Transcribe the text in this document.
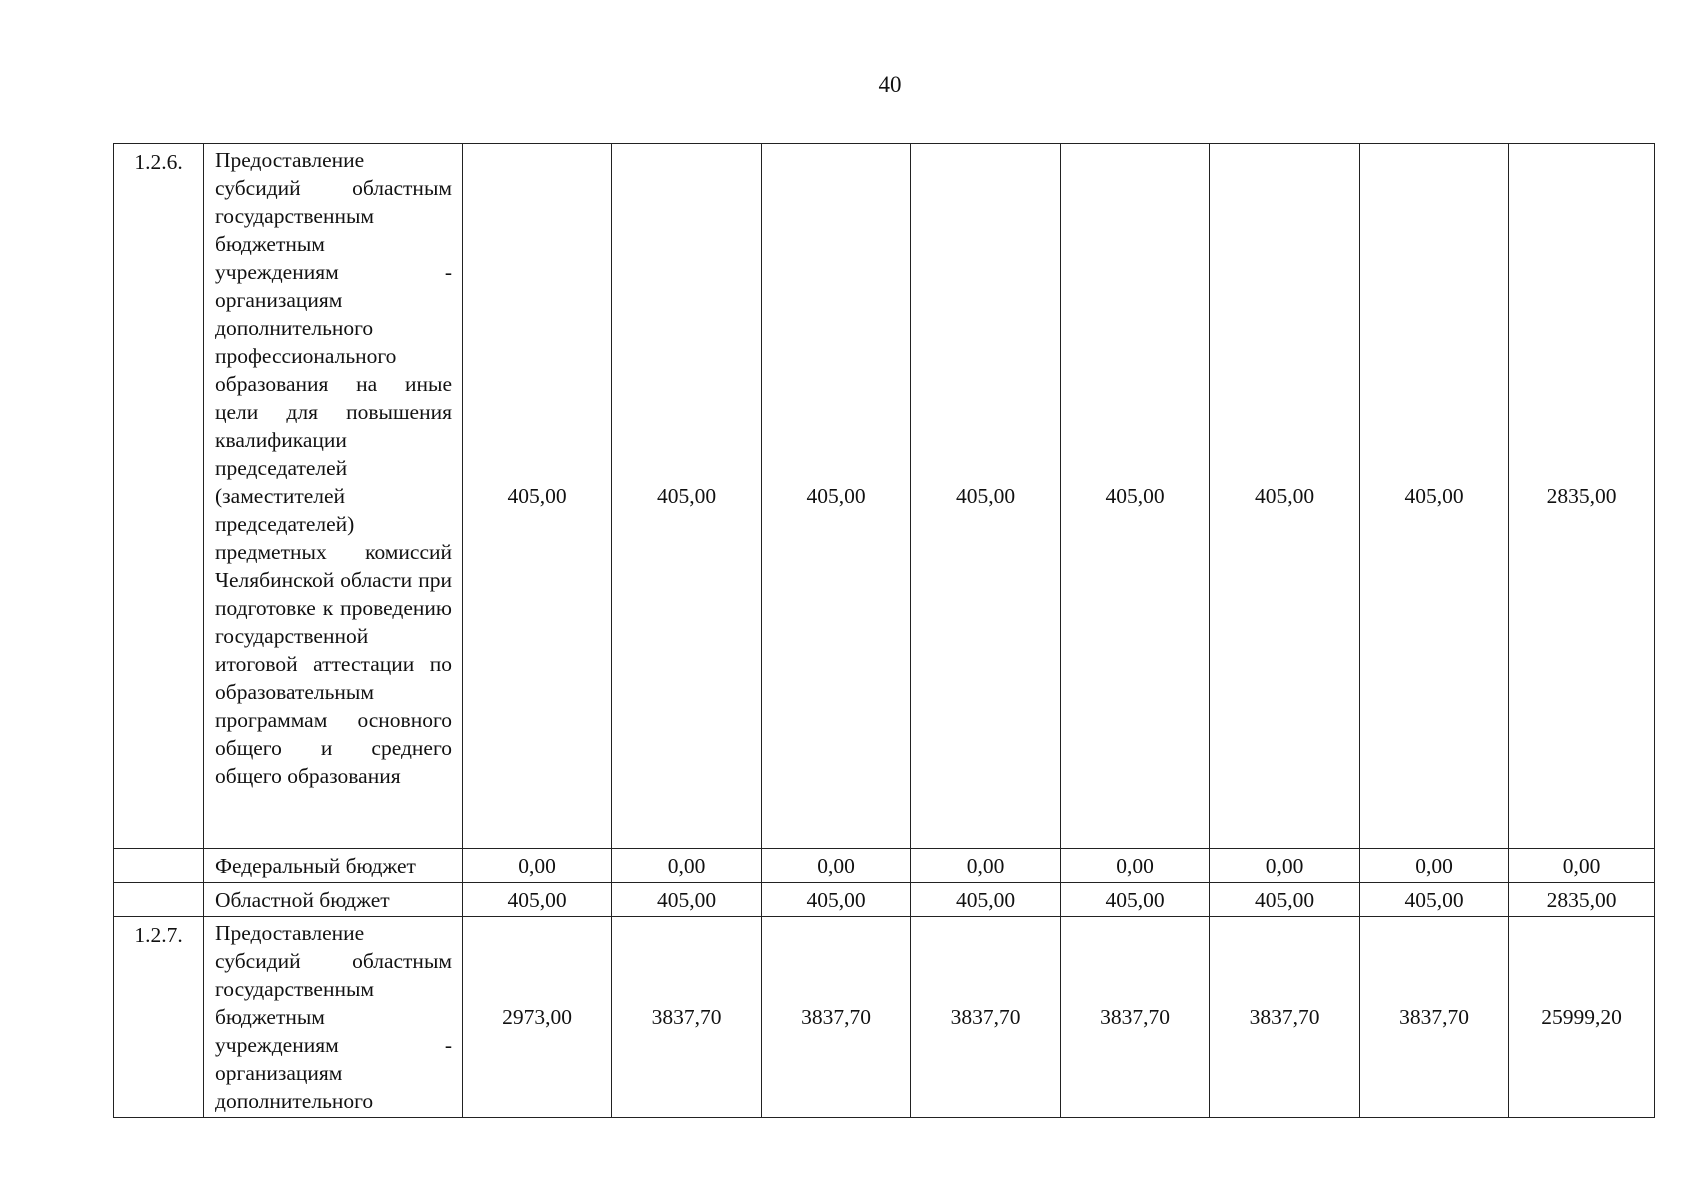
40
1.2.6.	Предоставление субсидий областным государственным бюджетным учреждениям - организациям дополнительного профессионального образования на иные цели для повышения квалификации председателей (заместителей председателей) предметных комиссий Челябинской области при подготовке к проведению государственной итоговой аттестации по образовательным программам основного общего и среднего общего образования	405,00	405,00	405,00	405,00	405,00	405,00	405,00	2835,00
	Федеральный бюджет	0,00	0,00	0,00	0,00	0,00	0,00	0,00	0,00
	Областной бюджет	405,00	405,00	405,00	405,00	405,00	405,00	405,00	2835,00
1.2.7.	Предоставление субсидий областным государственным бюджетным учреждениям - организациям дополнительного	2973,00	3837,70	3837,70	3837,70	3837,70	3837,70	3837,70	25999,20
